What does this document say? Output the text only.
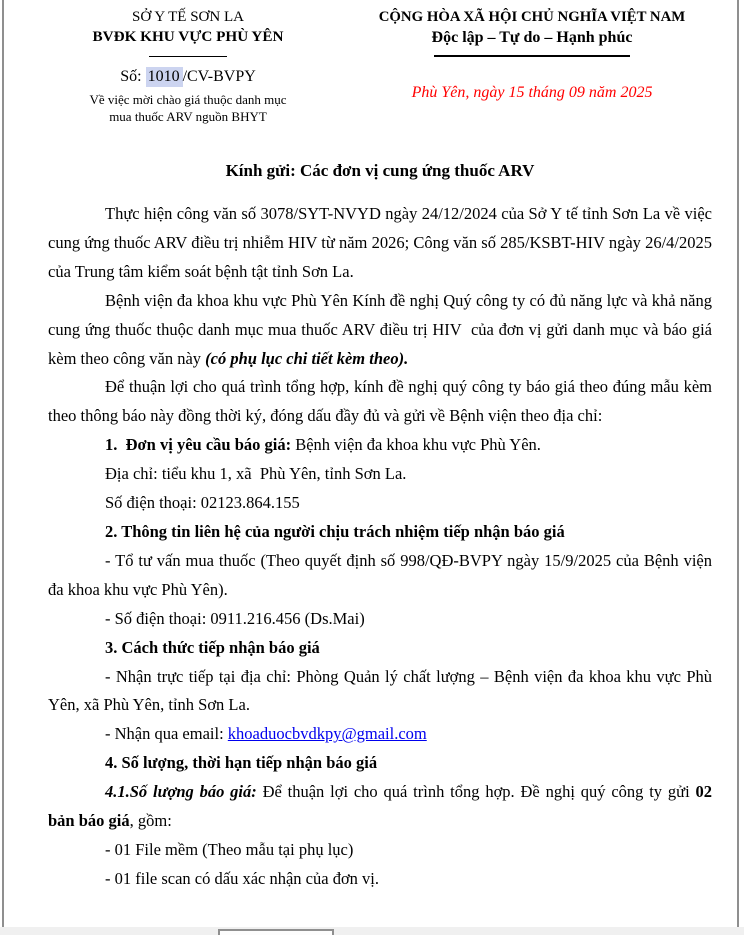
SỞ Y TẾ SƠN LA
BVĐK KHU VỰC PHÙ YÊN
Số: 1010 /CV-BVPY
Về việc mời chào giá thuộc danh mục
mua thuốc ARV nguồn BHYT
CỘNG HÒA XÃ HỘI CHỦ NGHĨA VIỆT NAM
Độc lập – Tự do – Hạnh phúc
Phù Yên, ngày 15 tháng 09 năm 2025
Kính gửi: Các đơn vị cung ứng thuốc ARV

Thực hiện công văn số 3078/SYT-NVYD ngày 24/12/2024 của Sở Y tế tỉnh Sơn La về việc cung ứng thuốc ARV điều trị nhiễm HIV từ năm 2026; Công văn số 285/KSBT-HIV ngày 26/4/2025 của Trung tâm kiểm soát bệnh tật tỉnh Sơn La.

Bệnh viện đa khoa khu vực Phù Yên Kính đề nghị Quý công ty có đủ năng lực và khả năng cung ứng thuốc thuộc danh mục mua thuốc ARV điều trị HIV  của đơn vị gửi danh mục và báo giá kèm theo công văn này (có phụ lục chi tiết kèm theo).

Để thuận lợi cho quá trình tổng hợp, kính đề nghị quý công ty báo giá theo đúng mẫu kèm theo thông báo này đồng thời ký, đóng dấu đầy đủ và gửi về Bệnh viện theo địa chỉ:

1.  Đơn vị yêu cầu báo giá: Bệnh viện đa khoa khu vực Phù Yên.

Địa chỉ: tiểu khu 1, xã  Phù Yên, tỉnh Sơn La.

Số điện thoại: 02123.864.155

2. Thông tin liên hệ của người chịu trách nhiệm tiếp nhận báo giá

- Tổ tư vấn mua thuốc (Theo quyết định số 998/QĐ-BVPY ngày 15/9/2025 của Bệnh viện đa khoa khu vực Phù Yên).

- Số điện thoại: 0911.216.456 (Ds.Mai)

3. Cách thức tiếp nhận báo giá

- Nhận trực tiếp tại địa chỉ: Phòng Quản lý chất lượng – Bệnh viện đa khoa khu vực Phù Yên, xã Phù Yên, tỉnh Sơn La.

- Nhận qua email: khoaduocbvdkpy@gmail.com

4. Số lượng, thời hạn tiếp nhận báo giá

4.1.Số lượng báo giá: Để thuận lợi cho quá trình tổng hợp. Đề nghị quý công ty gửi 02 bản báo giá, gồm:

- 01 File mềm (Theo mẫu tại phụ lục)

- 01 file scan có dấu xác nhận của đơn vị.
